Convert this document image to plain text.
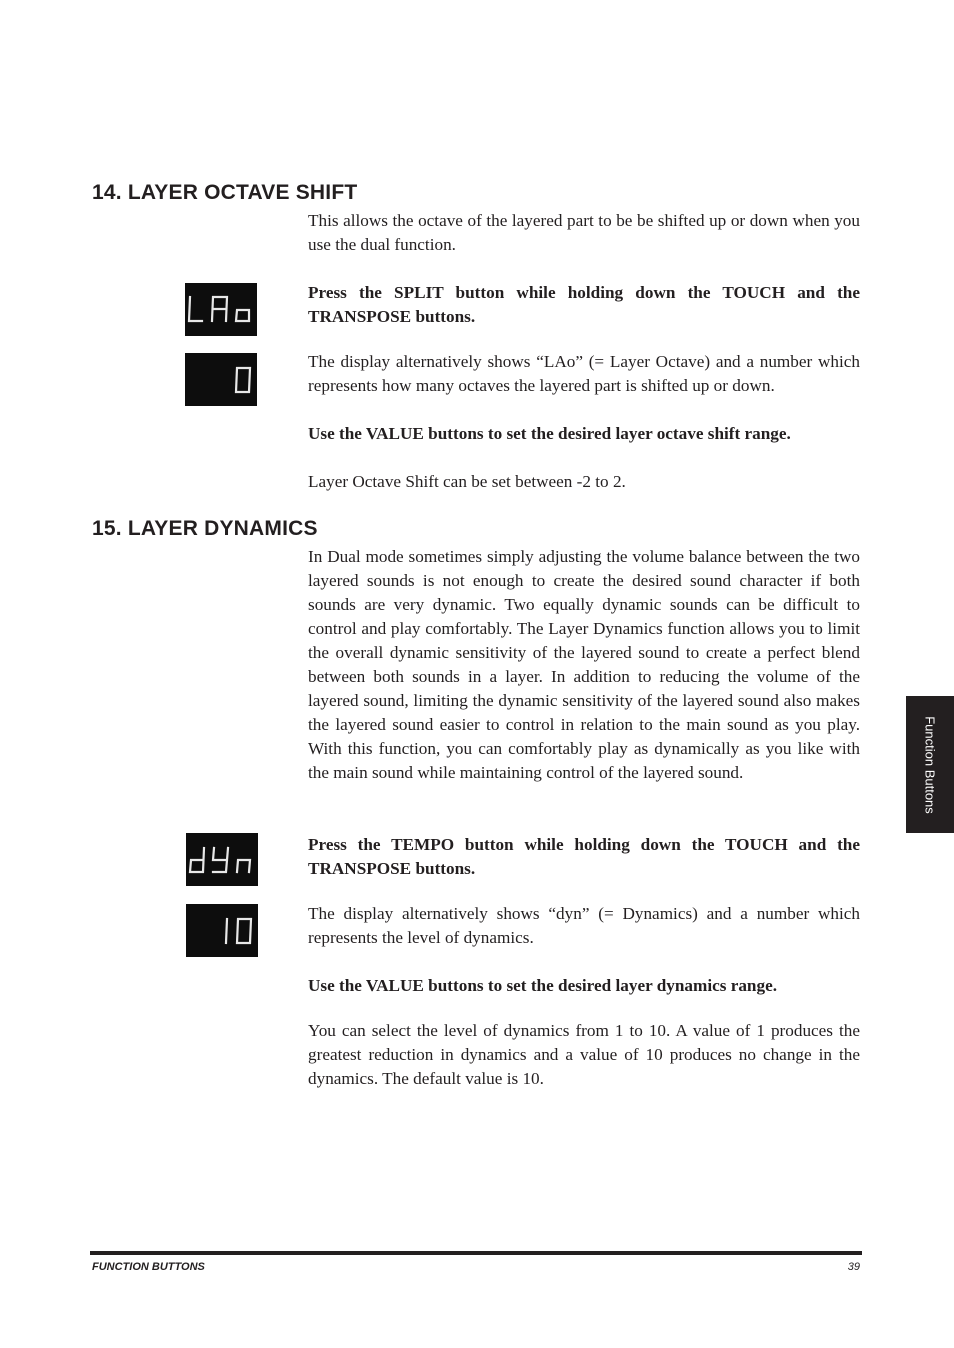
14. LAYER OCTAVE SHIFT

This allows the octave of the layered part to be be shifted up or down when you use the dual function.

Press the SPLIT button while holding down the TOUCH and the TRANSPOSE buttons.

The display alternatively shows “LAo” (= Layer Octave) and a number which represents how many octaves the layered part is shifted up or down.

Use the VALUE buttons to set the desired layer octave shift range.

Layer Octave Shift can be set between -2 to 2.

15. LAYER DYNAMICS

In Dual mode sometimes simply adjusting the volume balance between the two layered sounds is not enough to create the desired sound character if both sounds are very dynamic. Two equally dynamic sounds can be difficult to control and play comfortably. The Layer Dynamics function allows you to limit the overall dynamic sensitivity of the layered sound to create a perfect blend between both sounds in a layer. In addition to reducing the volume of the layered sound, limiting the dynamic sensitivity of the layered sound also makes the layered sound easier to control in relation to the main sound as you play. With this function, you can comfortably play as dynamically as you like with the main sound while maintaining control of the layered sound.

Press the TEMPO button while holding down the TOUCH and the TRANSPOSE buttons.

The display alternatively shows “dyn” (= Dynamics) and a number which represents the level of dynamics.

Use the VALUE buttons to set the desired layer dynamics range.

You can select the level of dynamics from 1 to 10. A value of 1 produces the greatest reduction in dynamics and a value of 10 produces no change in the dynamics. The default value is 10.

Function Buttons
FUNCTION BUTTONS	39
